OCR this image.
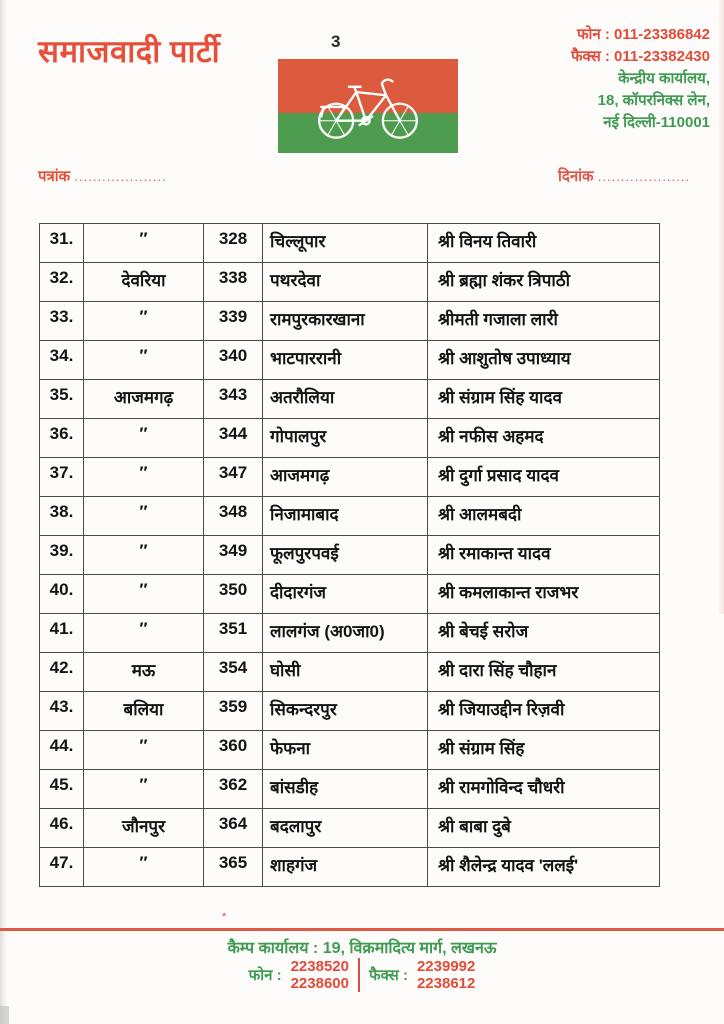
समाजवादी पार्टी	3	फोन : 011-23386842
फैक्स : 011-23382430
केन्द्रीय कार्यालय,
18, कॉपरनिक्स लेन,
नई दिल्ली-110001
पत्रांक ....................	दिनांक ....................
31.	″	328	चिल्लूपार	श्री विनय तिवारी
32.	देवरिया	338	पथरदेवा	श्री ब्रह्मा शंकर त्रिपाठी
33.	″	339	रामपुरकारखाना	श्रीमती गजाला लारी
34.	″	340	भाटपाररानी	श्री आशुतोष उपाध्याय
35.	आजमगढ़	343	अतरौलिया	श्री संग्राम सिंह यादव
36.	″	344	गोपालपुर	श्री नफीस अहमद
37.	″	347	आजमगढ़	श्री दुर्गा प्रसाद यादव
38.	″	348	निजामाबाद	श्री आलमबदी
39.	″	349	फूलपुरपवई	श्री रमाकान्त यादव
40.	″	350	दीदारगंज	श्री कमलाकान्त राजभर
41.	″	351	लालगंज (अ0जा0)	श्री बेचई सरोज
42.	मऊ	354	घोसी	श्री दारा सिंह चौहान
43.	बलिया	359	सिकन्दरपुर	श्री जियाउद्दीन रिज़वी
44.	″	360	फेफना	श्री संग्राम सिंह
45.	″	362	बांसडीह	श्री रामगोविन्द चौधरी
46.	जौनपुर	364	बदलापुर	श्री बाबा दुबे
47.	″	365	शाहगंज	श्री शैलेन्द्र यादव 'ललई'
*
कैम्प कार्यालय : 19, विक्रमादित्य मार्ग, लखनऊ
फोन :
2238520
2238600 फैक्स :
2239992
2238612
